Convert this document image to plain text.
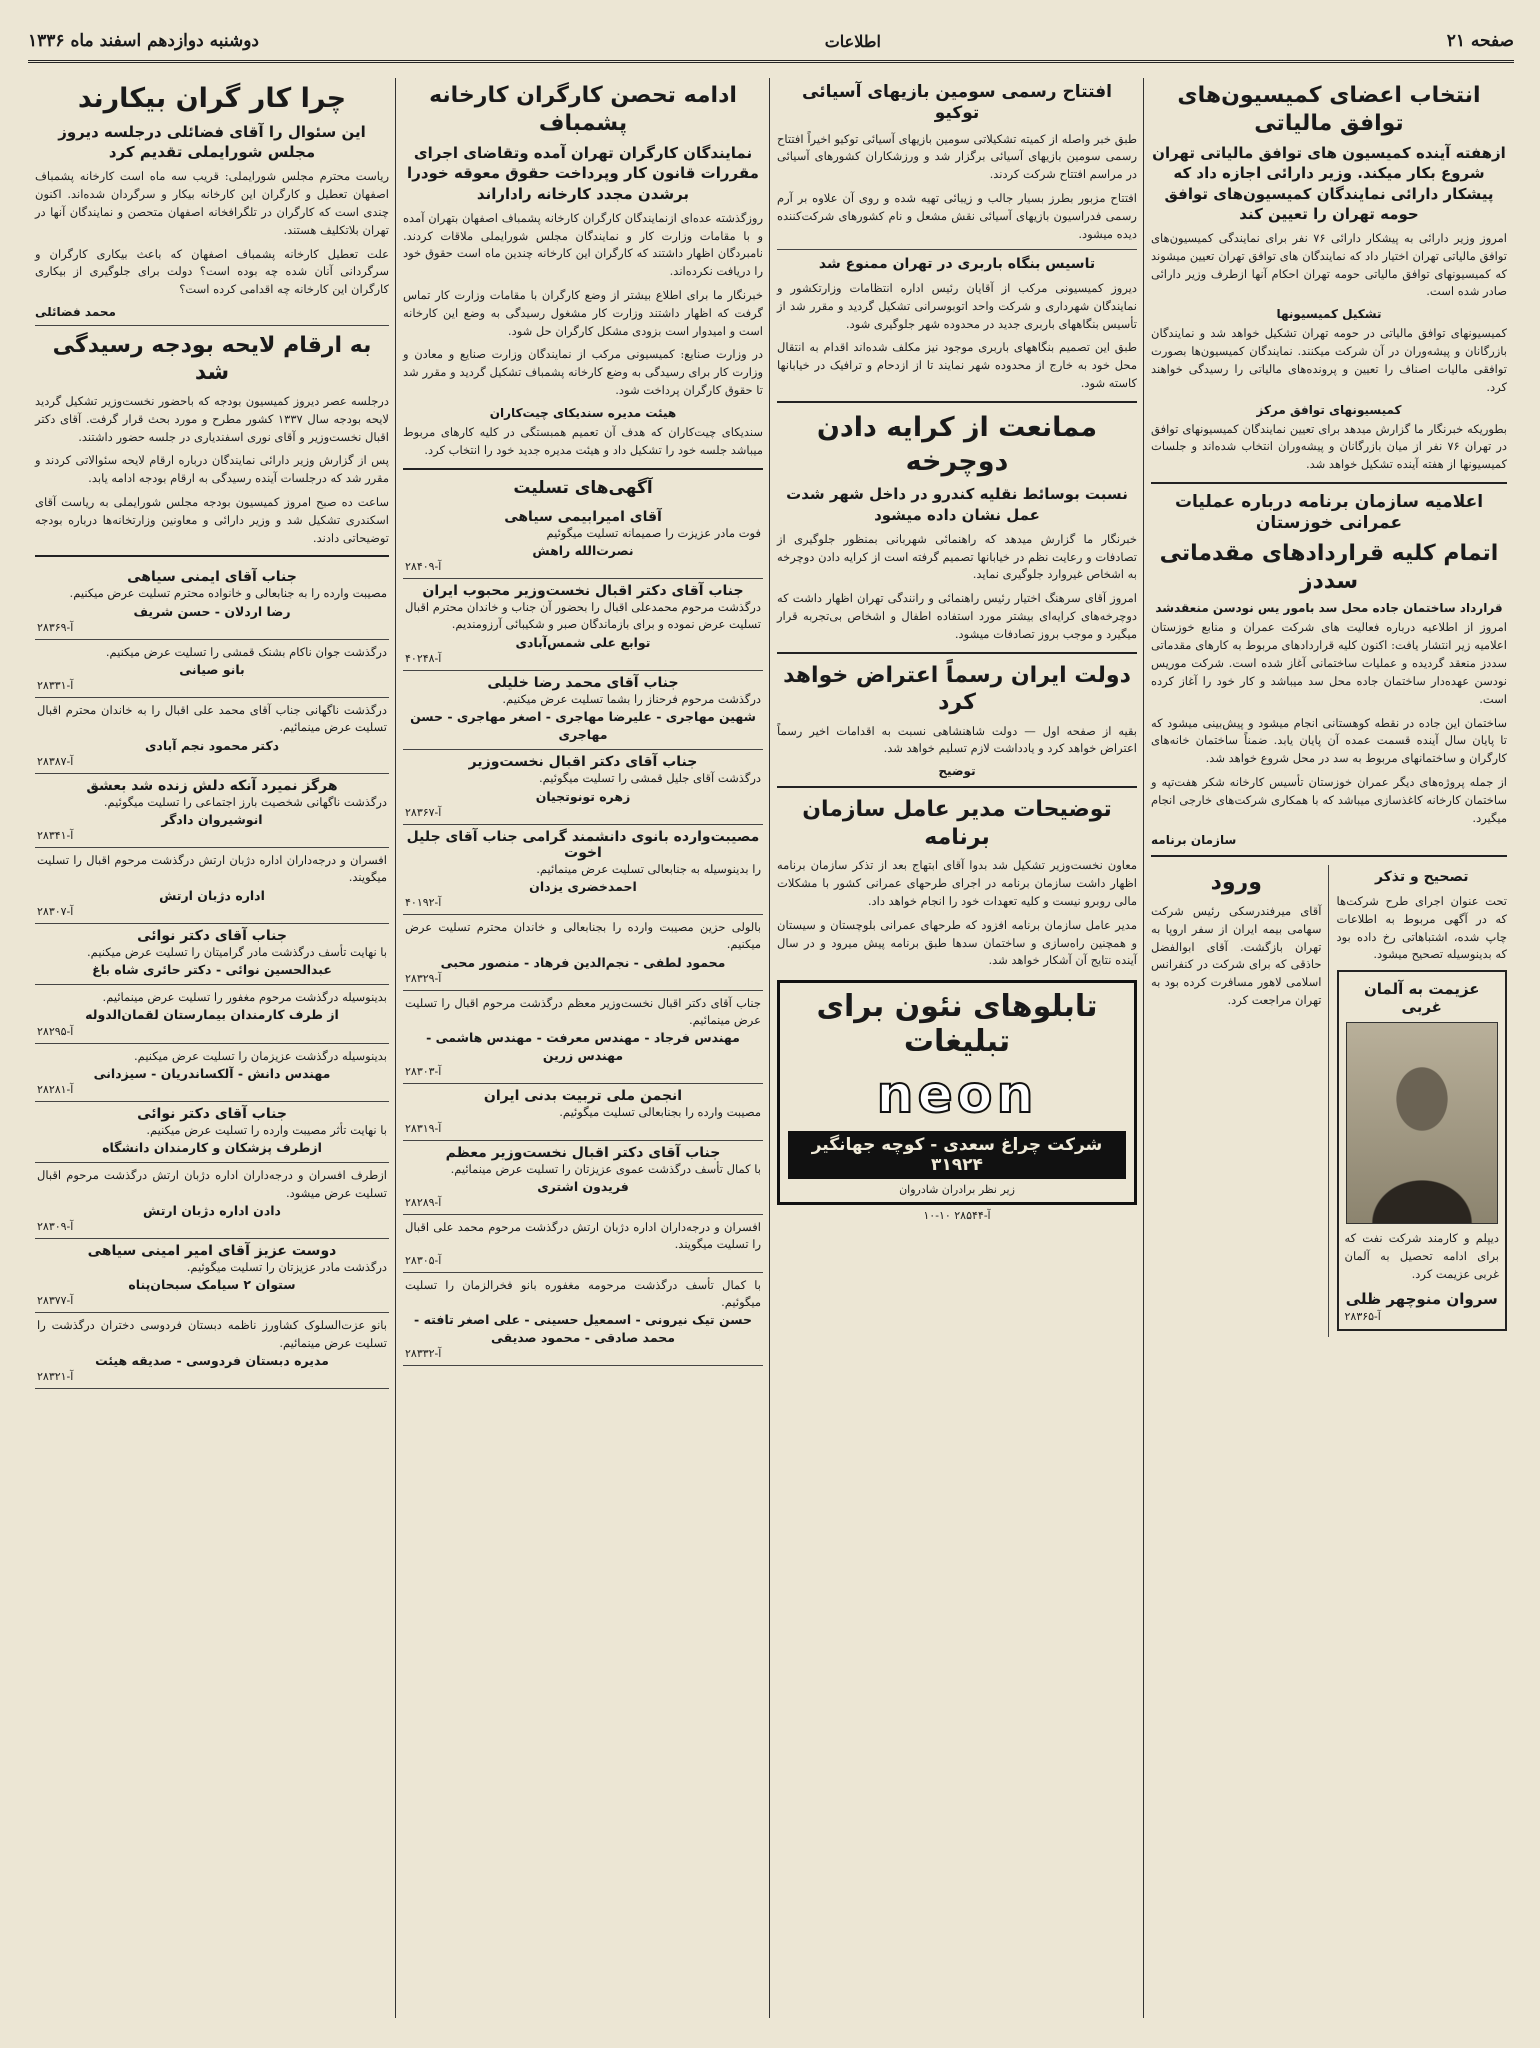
صفحه ۲۱
اطلاعات
دوشنبه دوازدهم اسفند ماه ۱۳۳۶
انتخاب اعضای کمیسیون‌های توافق مالیاتی
ازهفته آینده کمیسیون های توافق مالیاتی تهران شروع بکار میکند. وزیر دارائی اجازه داد که پیشکار دارائی نمایندگان کمیسیون‌های توافق حومه تهران را تعیین کند

امروز وزیر دارائی به پیشکار دارائی ۷۶ نفر برای نمایندگی کمیسیون‌های توافق مالیاتی تهران اختیار داد که نمایندگان های توافق تهران تعیین میشوند که کمیسیونهای توافق مالیاتی حومه تهران احکام آنها ازطرف وزیر دارائی صادر شده است.

تشکیل کمیسیونها

کمیسیونهای توافق مالیاتی در حومه تهران تشکیل خواهد شد و نمایندگان بازرگانان و پیشه‌وران در آن شرکت میکنند. نمایندگان کمیسیون‌ها بصورت توافقی مالیات اصناف را تعیین و پرونده‌های مالیاتی را رسیدگی خواهند کرد.

کمیسیونهای توافق مرکز

بطوریکه خبرنگار ما گزارش میدهد برای تعیین نمایندگان کمیسیونهای توافق در تهران ۷۶ نفر از میان بازرگانان و پیشه‌وران انتخاب شده‌اند و جلسات کمیسیونها از هفته آینده تشکیل خواهد شد.

اعلامیه سازمان برنامه درباره عملیات عمرانی خوزستان
اتمام کلیه قراردادهای مقدماتی سددز
قرارداد ساختمان جاده محل سد بامور یس نودسن منعقدشد

امروز از اطلاعیه درباره فعالیت های شرکت عمران و منابع خوزستان اعلامیه زیر انتشار یافت: اکنون کلیه قراردادهای مربوط به کارهای مقدماتی سددز منعقد گردیده و عملیات ساختمانی آغاز شده است. شرکت موریس نودسن عهده‌دار ساختمان جاده محل سد میباشد و کار خود را آغاز کرده است.

ساختمان این جاده در نقطه کوهستانی انجام میشود و پیش‌بینی میشود که تا پایان سال آینده قسمت عمده آن پایان یابد. ضمناً ساختمان خانه‌های کارگران و ساختمانهای مربوط به سد در محل شروع خواهد شد.

از جمله پروژه‌های دیگر عمران خوزستان تأسیس کارخانه شکر هفت‌تپه و ساختمان کارخانه کاغذسازی میباشد که با همکاری شرکت‌های خارجی انجام میگیرد.

سازمان برنامه
تصحیح و تذکر

تحت عنوان اجرای طرح شرکت‌ها که در آگهی مربوط به اطلاعات چاپ شده، اشتباهاتی رخ داده بود که بدینوسیله تصحیح میشود.

عزیمت به آلمان غربی

دیپلم و کارمند شرکت نفت که برای ادامه تحصیل به آلمان غربی عزیمت کرد.

سروان منوچهر ظلی
آ-۲۸۳۶۵
ورود

آقای میرفندرسکی رئیس شرکت سهامی بیمه ایران از سفر اروپا به تهران بازگشت. آقای ابوالفضل حاذقی که برای شرکت در کنفرانس اسلامی لاهور مسافرت کرده بود به تهران مراجعت کرد.

افتتاح رسمی سومین بازیهای آسیائی توکیو

طبق خبر واصله از کمیته تشکیلاتی سومین بازیهای آسیائی توکیو اخیراً افتتاح رسمی سومین بازیهای آسیائی برگزار شد و ورزشکاران کشورهای آسیائی در مراسم افتتاح شرکت کردند.

افتتاح مزبور بطرز بسیار جالب و زیبائی تهیه شده و روی آن علاوه بر آرم رسمی فدراسیون بازیهای آسیائی نقش مشعل و نام کشورهای شرکت‌کننده دیده میشود.

تاسیس بنگاه باربری در تهران ممنوع شد

دیروز کمیسیونی مرکب از آقایان رئیس اداره انتظامات وزارتکشور و نمایندگان شهرداری و شرکت واحد اتوبوسرانی تشکیل گردید و مقرر شد از تأسیس بنگاههای باربری جدید در محدوده شهر جلوگیری شود.

طبق این تصمیم بنگاههای باربری موجود نیز مکلف شده‌اند اقدام به انتقال محل خود به خارج از محدوده شهر نمایند تا از ازدحام و ترافیک در خیابانها کاسته شود.

ممانعت از کرایه دادن دوچرخه
نسبت بوسائط نقلیه کندرو در داخل شهر شدت عمل نشان داده میشود

خبرنگار ما گزارش میدهد که راهنمائی شهربانی بمنظور جلوگیری از تصادفات و رعایت نظم در خیابانها تصمیم گرفته است از کرایه دادن دوچرخه به اشخاص غیروارد جلوگیری نماید.

امروز آقای سرهنگ اختیار رئیس راهنمائی و رانندگی تهران اظهار داشت که دوچرخه‌های کرایه‌ای بیشتر مورد استفاده اطفال و اشخاص بی‌تجربه قرار میگیرد و موجب بروز تصادفات میشود.

دولت ایران رسماً اعتراض خواهد کرد

بقیه از صفحه اول — دولت شاهنشاهی نسبت به اقدامات اخیر رسماً اعتراض خواهد کرد و یادداشت لازم تسلیم خواهد شد.

توضیح
توضیحات مدیر عامل سازمان برنامه

معاون نخست‌وزیر تشکیل شد بدوا آقای ابتهاج بعد از تذکر سازمان برنامه اظهار داشت سازمان برنامه در اجرای طرحهای عمرانی کشور با مشکلات مالی روبرو نیست و کلیه تعهدات خود را انجام خواهد داد.

مدیر عامل سازمان برنامه افزود که طرحهای عمرانی بلوچستان و سیستان و همچنین راه‌سازی و ساختمان سدها طبق برنامه پیش میرود و در سال آینده نتایج آن آشکار خواهد شد.

تابلوهای نئون برای تبلیغات
neon
شرکت چراغ سعدی - کوچه جهانگیر ۳۱۹۲۴
زیر نظر برادران شادروان
آ-۲۸۵۴۴ ۱۰-۱۰
ادامه تحصن کارگران کارخانه پشمباف
نمایندگان کارگران تهران آمده وتقاضای اجرای مقررات قانون کار وپرداخت حقوق معوقه خودرا برشدن مجدد کارخانه راداراند

روزگذشته عده‌ای ازنمایندگان کارگران کارخانه پشمباف اصفهان بتهران آمده و با مقامات وزارت کار و نمایندگان مجلس شورایملی ملاقات کردند. نامبردگان اظهار داشتند که کارگران این کارخانه چندین ماه است حقوق خود را دریافت نکرده‌اند.

خبرنگار ما برای اطلاع بیشتر از وضع کارگران با مقامات وزارت کار تماس گرفت که اظهار داشتند وزارت کار مشغول رسیدگی به وضع این کارخانه است و امیدوار است بزودی مشکل کارگران حل شود.

در وزارت صنایع: کمیسیونی مرکب از نمایندگان وزارت صنایع و معادن و وزارت کار برای رسیدگی به وضع کارخانه پشمباف تشکیل گردید و مقرر شد تا حقوق کارگران پرداخت شود.

هیئت مدیره سندیکای چیت‌کاران

سندیکای چیت‌کاران که هدف آن تعمیم همبستگی در کلیه کارهای مربوط میباشد جلسه خود را تشکیل داد و هیئت مدیره جدید خود را انتخاب کرد.

آگهی‌های تسلیت
آقای امیرابیمی سیاهی
فوت مادر عزیزت را صمیمانه تسلیت میگوئیم
نصرت‌الله راهش
آ-۲۸۴۰۹
جناب آقای دکتر اقبال نخست‌وزیر محبوب ایران
درگذشت مرحوم محمدعلی اقبال را بحضور آن جناب و خاندان محترم اقبال تسلیت عرض نموده و برای بازماندگان صبر و شکیبائی آرزومندیم.
توابع علی شمس‌آبادی
آ-۴۰۲۴۸
جناب آقای محمد رضا خلیلی
درگذشت مرحوم فرحناز را بشما تسلیت عرض میکنیم.
شهین مهاجری - علیرضا مهاجری - اصغر مهاجری - حسن مهاجری
جناب آقای دکتر اقبال نخست‌وزیر
درگذشت آقای جلیل قمشی را تسلیت میگوئیم.
زهره تونوتجیان
آ-۲۸۳۶۷
مصیبت‌وارده بانوی دانشمند گرامی جناب آقای جلیل اخوت
را بدینوسیله به جنابعالی تسلیت عرض مینمائیم.
احمدخضری یزدان
آ-۴۰۱۹۲
بالولی حزین مصیبت وارده را بجنابعالی و خاندان محترم تسلیت عرض میکنیم.
محمود لطفی - نجم‌الدین فرهاد - منصور محبی
آ-۲۸۳۲۹
جناب آقای دکتر اقبال نخست‌وزیر معظم درگذشت مرحوم اقبال را تسلیت عرض مینمائیم.
مهندس فرجاد - مهندس معرفت - مهندس هاشمی - مهندس زرین
آ-۲۸۳۰۳
انجمن ملی تربیت بدنی ایران
مصیبت وارده را بجنابعالی تسلیت میگوئیم.
آ-۲۸۳۱۹
جناب آقای دکتر اقبال نخست‌وزیر معظم
با کمال تأسف درگذشت عموی عزیزتان را تسلیت عرض مینمائیم.
فریدون اشتری
آ-۲۸۲۸۹
افسران و درجه‌داران اداره دژبان ارتش درگذشت مرحوم محمد علی اقبال را تسلیت میگویند.
آ-۲۸۳۰۵
با کمال تأسف درگذشت مرحومه مغفوره بانو فخرالزمان را تسلیت میگوئیم.
حسن تیک نیرونی - اسمعیل حسینی - علی اصغر تافته - محمد صادقی - محمود صدیقی
آ-۲۸۳۳۲
چرا کار گران بیکارند
این سئوال را آقای فضائلی درجلسه دیروز مجلس شورایملی تقدیم کرد

ریاست محترم مجلس شورایملی: قریب سه ماه است کارخانه پشمباف اصفهان تعطیل و کارگران این کارخانه بیکار و سرگردان شده‌اند. اکنون چندی است که کارگران در تلگرافخانه اصفهان متحصن و نمایندگان آنها در تهران بلاتکلیف هستند.

علت تعطیل کارخانه پشمباف اصفهان که باعث بیکاری کارگران و سرگردانی آنان شده چه بوده است؟ دولت برای جلوگیری از بیکاری کارگران این کارخانه چه اقدامی کرده است؟

محمد فضائلی
به ارقام لایحه بودجه رسیدگی شد

درجلسه عصر دیروز کمیسیون بودجه که باحضور نخست‌وزیر تشکیل گردید لایحه بودجه سال ۱۳۳۷ کشور مطرح و مورد بحث قرار گرفت. آقای دکتر اقبال نخست‌وزیر و آقای نوری اسفندیاری در جلسه حضور داشتند.

پس از گزارش وزیر دارائی نمایندگان درباره ارقام لایحه سئوالاتی کردند و مقرر شد که درجلسات آینده رسیدگی به ارقام بودجه ادامه یابد.

ساعت ده صبح امروز کمیسیون بودجه مجلس شورایملی به ریاست آقای اسکندری تشکیل شد و وزیر دارائی و معاونین وزارتخانه‌ها درباره بودجه توضیحاتی دادند.

جناب آقای ایمنی سیاهی
مصیبت وارده را به جنابعالی و خانواده محترم تسلیت عرض میکنیم.
رضا اردلان - حسن شریف
آ-۲۸۳۶۹
درگذشت جوان ناکام بشنک قمشی را تسلیت عرض میکنیم.
بانو صیانی
آ-۲۸۳۳۱
درگذشت ناگهانی جناب آقای محمد علی اقبال را به خاندان محترم اقبال تسلیت عرض مینمائیم.
دکتر محمود نجم آبادی
آ-۲۸۳۸۷
هرگز نمیرد آنکه دلش زنده شد بعشق
درگذشت ناگهانی شخصیت بارز اجتماعی را تسلیت میگوئیم.
انوشیروان دادگر
آ-۲۸۳۴۱
افسران و درجه‌داران اداره دژبان ارتش درگذشت مرحوم اقبال را تسلیت میگویند.
اداره دژبان ارتش
آ-۲۸۳۰۷
جناب آقای دکتر نوائی
با نهایت تأسف درگذشت مادر گرامیتان را تسلیت عرض میکنیم.
عبدالحسین نوائی - دکتر حائری شاه باغ
بدینوسیله درگذشت مرحوم مغفور را تسلیت عرض مینمائیم.
از طرف کارمندان بیمارستان لقمان‌الدوله
آ-۲۸۲۹۵
بدینوسیله درگذشت عزیزمان را تسلیت عرض میکنیم.
مهندس دانش - آلکساندریان - سیزدانی
آ-۲۸۲۸۱
جناب آقای دکتر نوائی
با نهایت تأثر مصیبت وارده را تسلیت عرض میکنیم.
ازطرف پزشکان و کارمندان دانشگاه
ازطرف افسران و درجه‌داران اداره دژبان ارتش درگذشت مرحوم اقبال تسلیت عرض میشود.
دادن اداره دژبان ارتش
آ-۲۸۳۰۹
دوست عزیز آقای امیر امینی سیاهی
درگذشت مادر عزیزتان را تسلیت میگوئیم.
ستوان ۲ سیامک سبحان‌پناه
آ-۲۸۳۷۷
بانو عزت‌السلوک کشاورز ناظمه دبستان فردوسی دختران درگذشت را تسلیت عرض مینمائیم.
مدیره دبستان فردوسی - صدیقه هیئت
آ-۲۸۳۲۱
